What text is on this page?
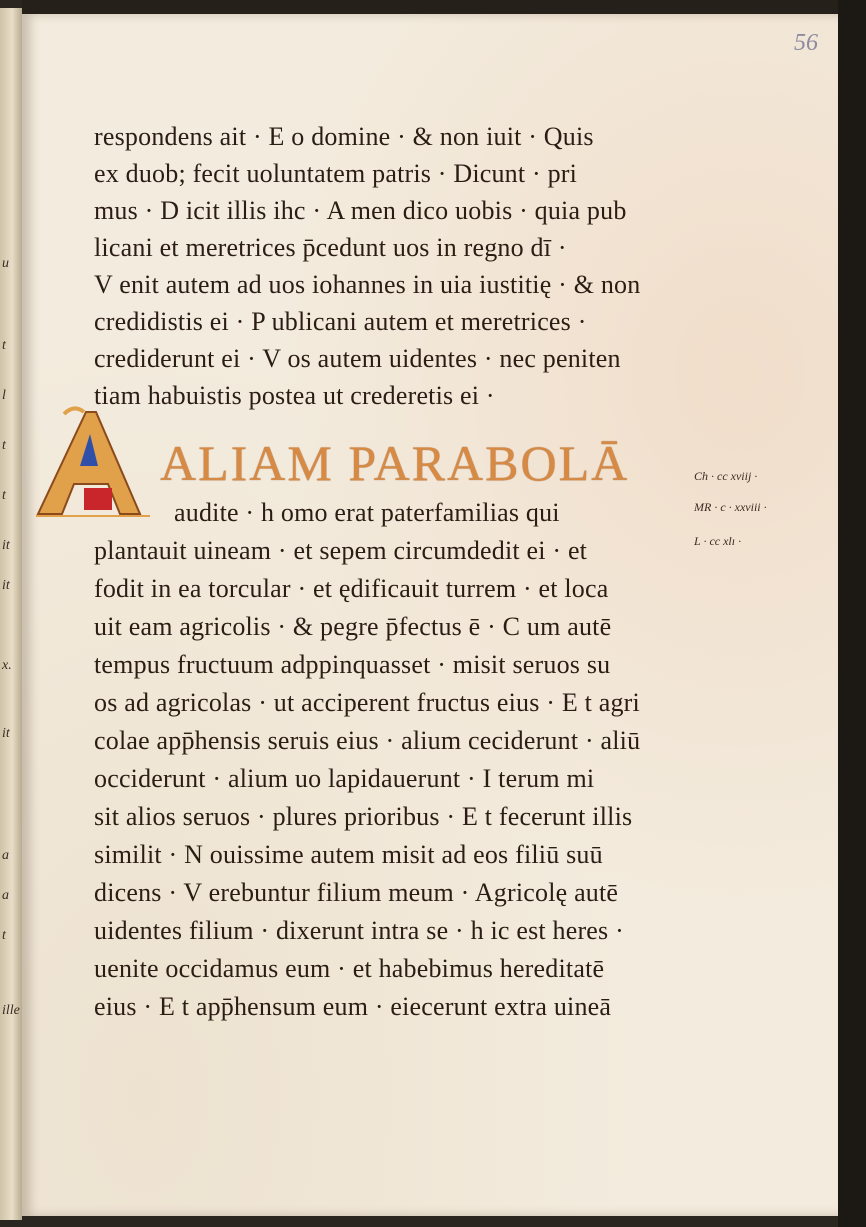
u
t
l
t
t
it
it
x.
it
a
a
t
ille
56

respondens ait · E o domine · & non iuit · Quis

ex duob; fecit uoluntatem patris · Dicunt · pri

mus · D icit illis ihc · A men dico uobis · quia pub

licani et meretrices p̄cedunt uos in regno dī ·

V enit autem ad uos iohannes in uia iustitię · & non

credidistis ei · P ublicani autem et meretrices ·

crediderunt ei · V os autem uidentes · nec peniten

tiam habuistis postea ut crederetis ei ·

ALIAM PARABOLĀ	Ch · cc xviij ·

MR · c · xxviii ·

L · cc xlı ·

audite · h omo erat paterfamilias qui

plantauit uineam · et sepem circumdedit ei · et

fodit in ea torcular · et ędificauit turrem · et loca

uit eam agricolis · & pegre p̄fectus ē · C um autē

tempus fructuum adppinquasset · misit seruos su

os ad agricolas · ut acciperent fructus eius · E t agri

colae app̄hensis seruis eius · alium ceciderunt · aliū

occiderunt · alium uo lapidauerunt · I terum mi

sit alios seruos · plures prioribus · E t fecerunt illis

similit · N ouissime autem misit ad eos filiū suū

dicens · V erebuntur filium meum · Agricolę autē

uidentes filium · dixerunt intra se · h ic est heres ·

uenite occidamus eum · et habebimus hereditatē

eius · E t app̄hensum eum · eiecerunt extra uineā
